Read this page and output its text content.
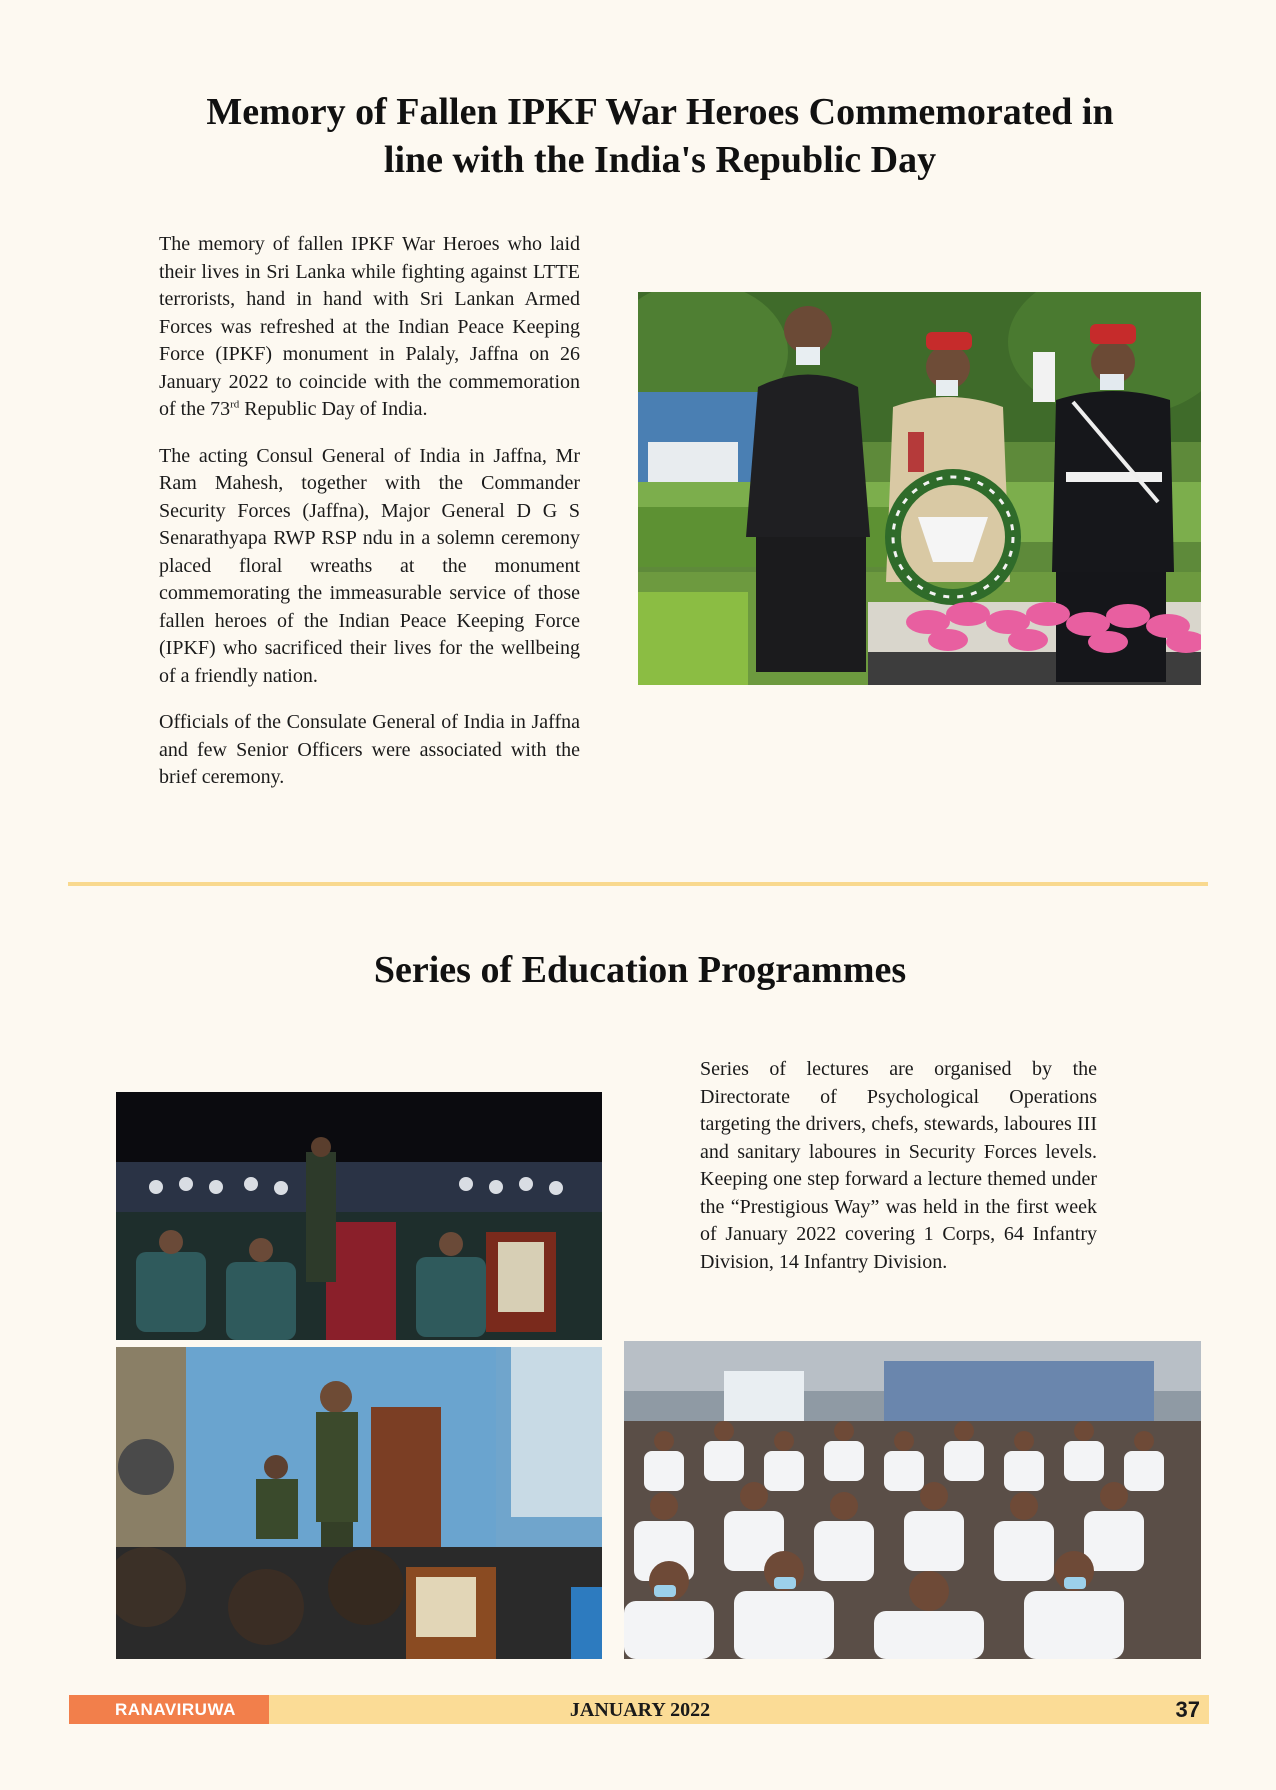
Memory of Fallen IPKF War Heroes Commemorated in
line with the India's Republic Day

The memory of fallen IPKF War Heroes who laid their lives in Sri Lanka while fighting against LTTE terrorists, hand in hand with Sri Lankan Armed Forces was refreshed at the Indian Peace Keeping Force (IPKF) monument in Palaly, Jaffna on 26 January 2022 to coincide with the commemoration of the 73rd Republic Day of India.

The acting Consul General of India in Jaffna, Mr Ram Mahesh, together with the Commander Security Forces (Jaffna), Major General D G S Senarathyapa RWP RSP ndu in a solemn ceremony placed floral wreaths at the monument commemorating the immeasurable service of those fallen heroes of the Indian Peace Keeping Force (IPKF) who sacrificed their lives for the wellbeing of a friendly nation.

Officials of the Consulate General of India in Jaffna and few Senior Officers were associated with the brief ceremony.

Series of Education Programmes

Series of lectures are organised by the Directorate of Psychological Operations targeting the drivers, chefs, stewards, laboures III and sanitary laboures in Security Forces levels. Keeping one step forward a lecture themed under the “Prestigious Way” was held in the first week of January 2022 covering 1 Corps, 64 Infantry Division, 14 Infantry Division.

RANAVIRUWA	JANUARY 2022	37
